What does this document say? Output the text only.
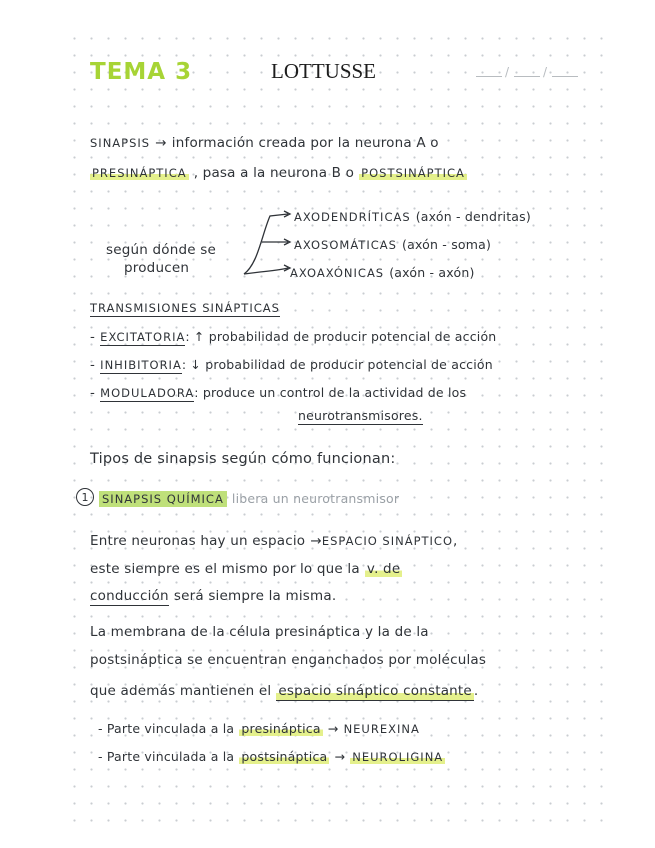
TEMA 3	LOTTUSSE	/	/
SINAPSIS → información creada por la neurona A o
PRESINÁPTICA , pasa a la neurona B o POSTSINÁPTICA
según dónde se
producen
AXODENDRÍTICAS (axón - dendritas)
AXOSOMÁTICAS (axón - soma)
AXOAXÓNICAS (axón - axón)
TRANSMISIONES SINÁPTICAS
- EXCITATORIA: ↑ probabilidad de producir potencial de acción
- INHIBITORIA: ↓ probabilidad de producir potencial de acción
- MODULADORA: produce un control de la actividad de los
neurotransmisores.
Tipos de sinapsis según cómo funcionan:
1	SINAPSIS QUÍMICA libera un neurotransmisor
Entre neuronas hay un espacio →ESPACIO SINÁPTICO,
este siempre es el mismo por lo que la v. de
conducción será siempre la misma.
La membrana de la célula presináptica y la de la
postsináptica se encuentran enganchados por moléculas
que además mantienen el espacio sináptico constante .
- Parte vinculada a la presináptica → NEUREXINA
- Parte vinculada a la postsináptica → NEUROLIGINA
